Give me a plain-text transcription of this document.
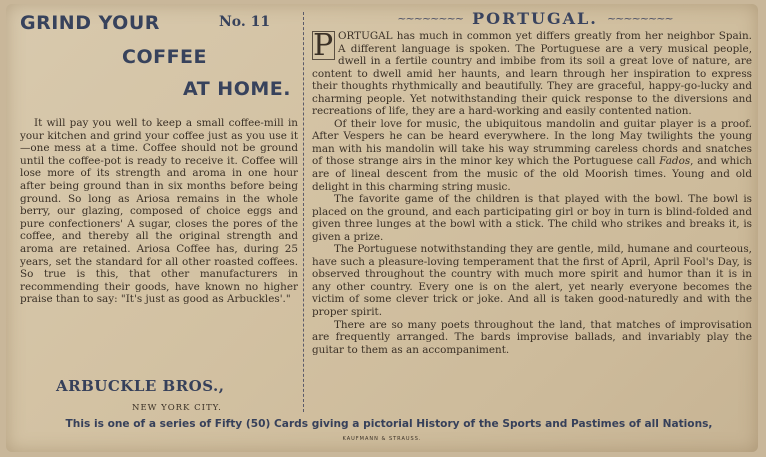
GRIND YOUR	No. 11
COFFEE
AT HOME.
It will pay you well to keep a small coffee-mill in your kitchen and grind your coffee just as you use it—one mess at a time. Coffee should not be ground until the coffee-pot is ready to receive it. Coffee will lose more of its strength and aroma in one hour after being ground than in six months before being ground. So long as Ariosa remains in the whole berry, our glazing, composed of choice eggs and pure confectioners' A sugar, closes the pores of the coffee, and thereby all the original strength and aroma are retained. Ariosa Coffee has, during 25 years, set the standard for all other roasted coffees. So true is this, that other manufacturers in recommending their goods, have known no higher praise than to say: "It's just as good as Arbuckles'."
ARBUCKLE BROS.,
NEW YORK CITY.
~~~~~~~~ PORTUGAL. ~~~~~~~~

P ORTUGAL has much in common yet differs greatly from her neighbor Spain. A different language is spoken. The Portuguese are a very musical people, dwell in a fertile country and imbibe from its soil a great love of nature, are content to dwell amid her haunts, and learn through her inspiration to express their thoughts rhythmically and beautifully. They are graceful, happy-go-lucky and charming people. Yet notwithstanding their quick response to the diversions and recreations of life, they are a hard-working and easily contented nation.

Of their love for music, the ubiquitous mandolin and guitar player is a proof. After Vespers he can be heard everywhere. In the long May twilights the young man with his mandolin will take his way strumming careless chords and snatches of those strange airs in the minor key which the Portuguese call Fados, and which are of lineal descent from the music of the old Moorish times. Young and old delight in this charming string music.

The favorite game of the children is that played with the bowl. The bowl is placed on the ground, and each participating girl or boy in turn is blind-folded and given three lunges at the bowl with a stick. The child who strikes and breaks it, is given a prize.

The Portuguese notwithstanding they are gentle, mild, humane and courteous, have such a pleasure-loving temperament that the first of April, April Fool's Day, is observed throughout the country with much more spirit and humor than it is in any other country. Every one is on the alert, yet nearly everyone becomes the victim of some clever trick or joke. And all is taken good-naturedly and with the proper spirit.

There are so many poets throughout the land, that matches of improvisation are frequently arranged. The bards improvise ballads, and invariably play the guitar to them as an accompaniment.

This is one of a series of Fifty (50) Cards giving a pictorial History of the Sports and Pastimes of all Nations,
KAUFMANN & STRAUSS.
